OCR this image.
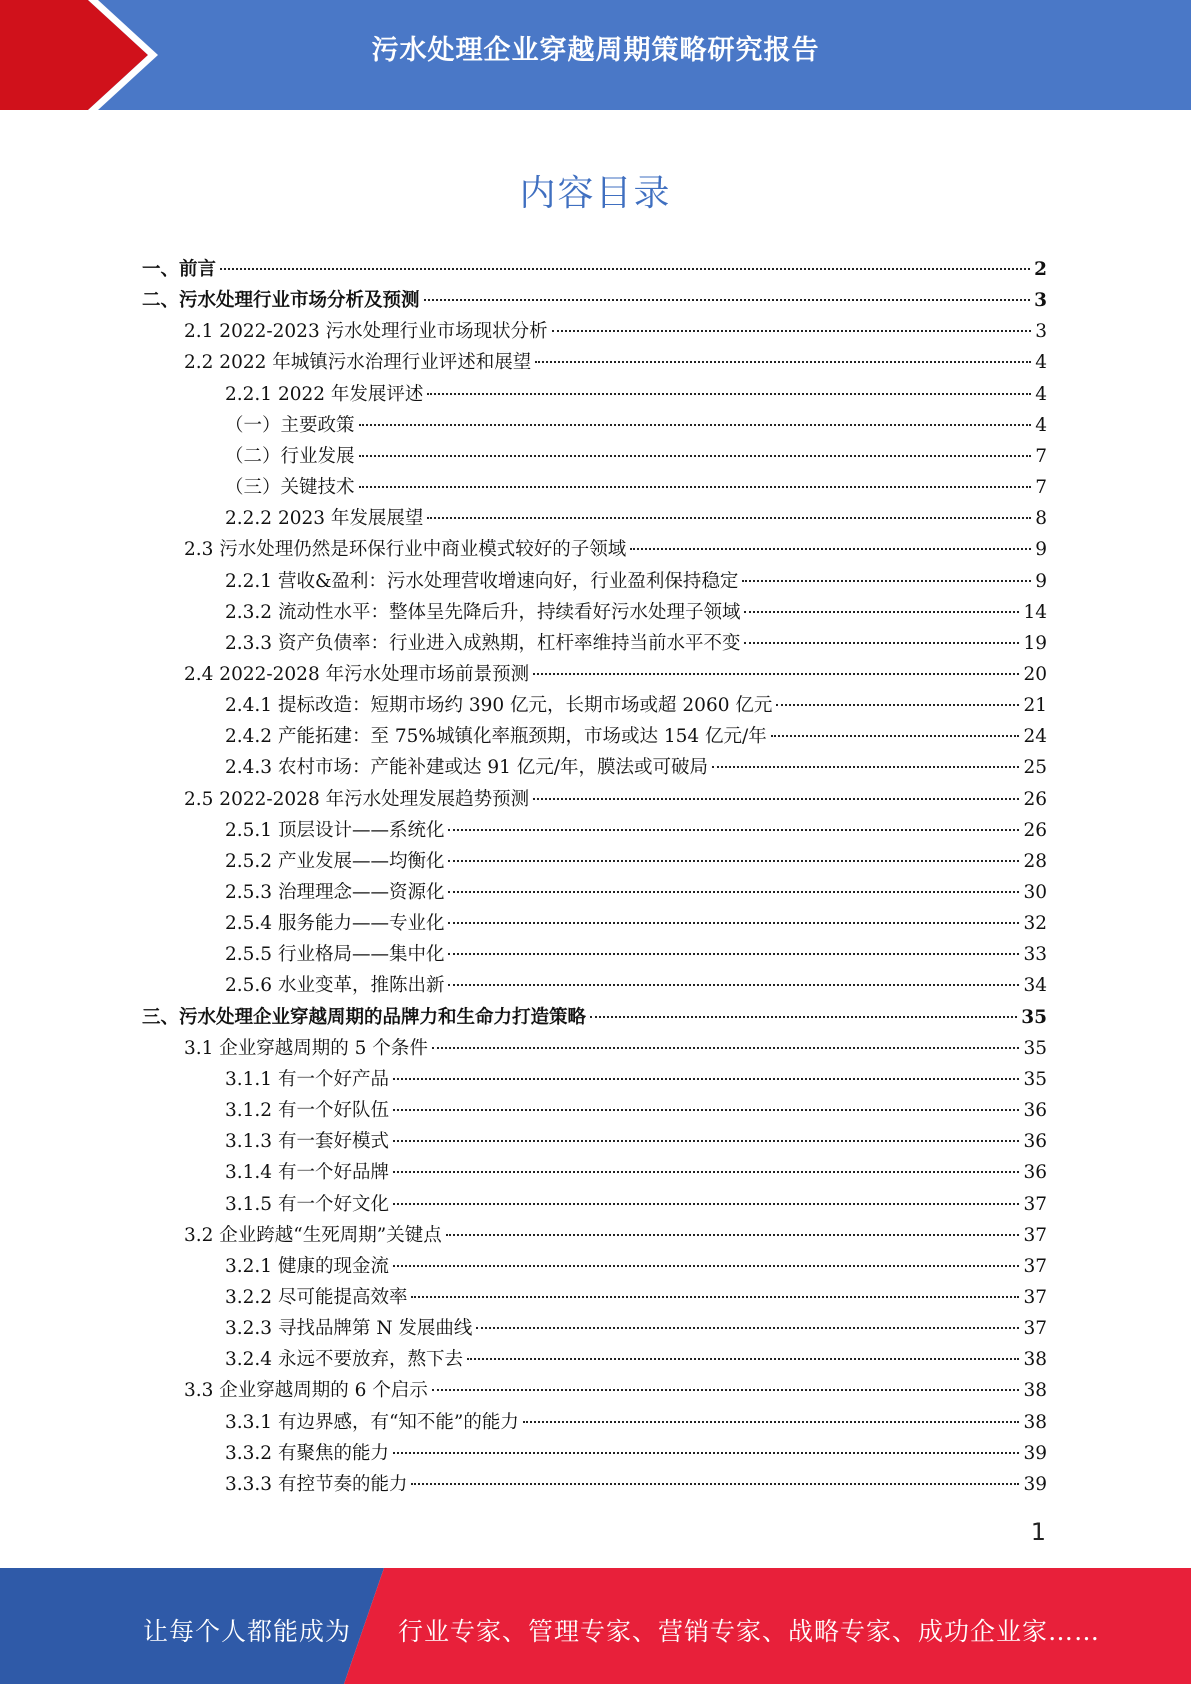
污水处理企业穿越周期策略研究报告
内容目录
一、前言	2
二、污水处理行业市场分析及预测	3
2.1 2022-2023 污水处理行业市场现状分析	3
2.2 2022 年城镇污水治理行业评述和展望	4
2.2.1 2022 年发展评述	4
（一）主要政策	4
（二）行业发展	7
（三）关键技术	7
2.2.2 2023 年发展展望	8
2.3 污水处理仍然是环保行业中商业模式较好的子领域	9
2.2.1 营收&盈利：污水处理营收增速向好，行业盈利保持稳定	9
2.3.2 流动性水平：整体呈先降后升，持续看好污水处理子领域	14
2.3.3 资产负债率：行业进入成熟期，杠杆率维持当前水平不变	19
2.4 2022-2028 年污水处理市场前景预测	20
2.4.1 提标改造：短期市场约 390 亿元，长期市场或超 2060 亿元	21
2.4.2 产能拓建：至 75%城镇化率瓶颈期，市场或达 154 亿元/年	24
2.4.3 农村市场：产能补建或达 91 亿元/年，膜法或可破局	25
2.5 2022-2028 年污水处理发展趋势预测	26
2.5.1 顶层设计——系统化	26
2.5.2 产业发展——均衡化	28
2.5.3 治理理念——资源化	30
2.5.4 服务能力——专业化	32
2.5.5 行业格局——集中化	33
2.5.6 水业变革，推陈出新	34
三、污水处理企业穿越周期的品牌力和生命力打造策略	35
3.1 企业穿越周期的 5 个条件	35
3.1.1 有一个好产品	35
3.1.2 有一个好队伍	36
3.1.3 有一套好模式	36
3.1.4 有一个好品牌	36
3.1.5 有一个好文化	37
3.2 企业跨越“生死周期”关键点	37
3.2.1 健康的现金流	37
3.2.2 尽可能提高效率	37
3.2.3 寻找品牌第 N 发展曲线	37
3.2.4 永远不要放弃，熬下去	38
3.3 企业穿越周期的 6 个启示	38
3.3.1 有边界感，有“知不能”的能力	38
3.3.2 有聚焦的能力	39
3.3.3 有控节奏的能力	39
1
让每个人都能成为 行业专家、管理专家、营销专家、战略专家、成功企业家……
